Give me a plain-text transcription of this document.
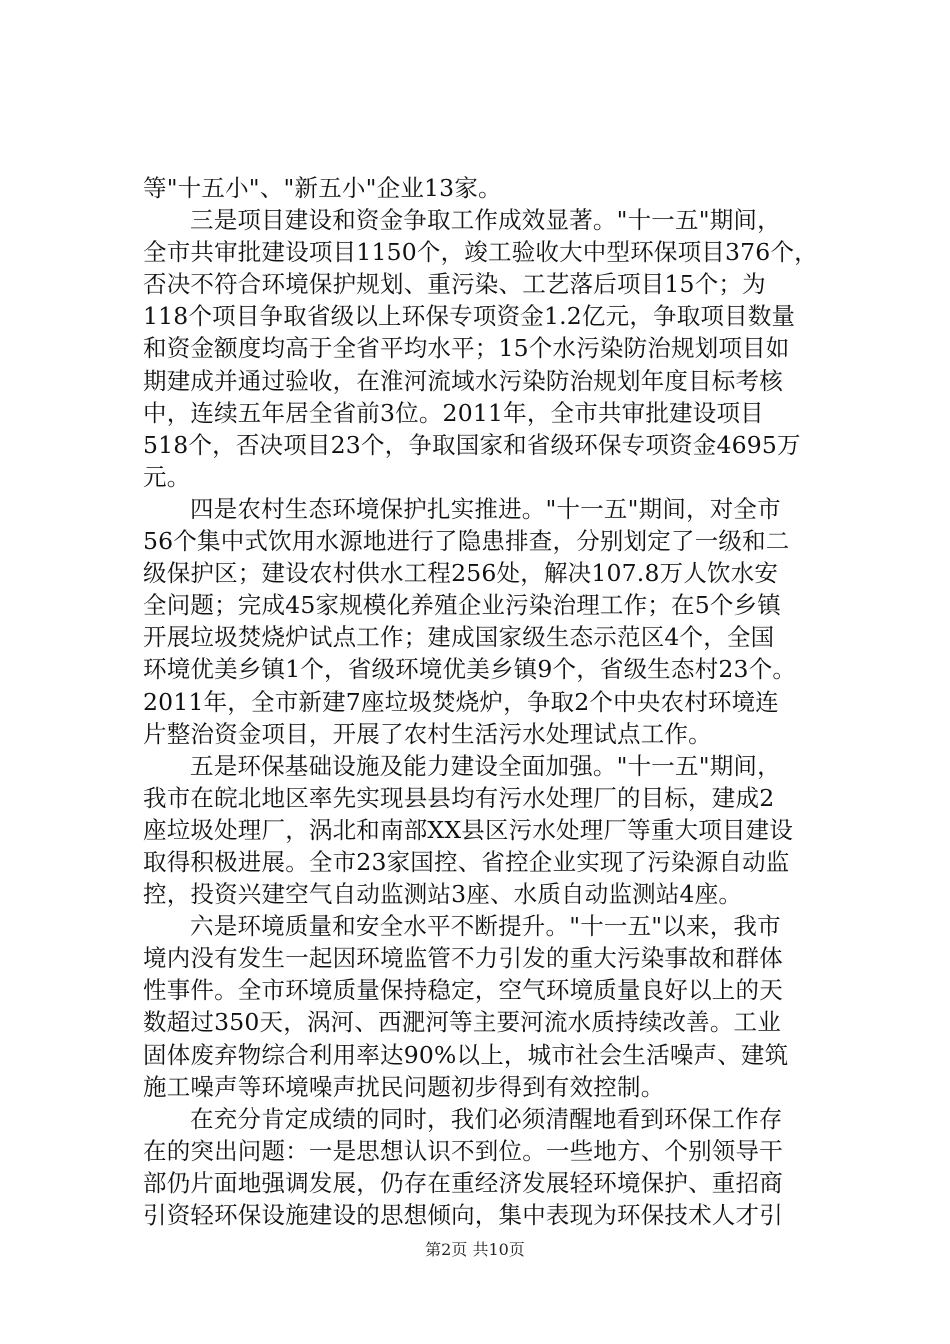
等"十五小"、"新五小"企业13家。
三是项目建设和资金争取工作成效显著。"十一五"期间，
全市共审批建设项目1150个，竣工验收大中型环保项目376个，
否决不符合环境保护规划、重污染、工艺落后项目15个；为
118个项目争取省级以上环保专项资金1.2亿元，争取项目数量
和资金额度均高于全省平均水平；15个水污染防治规划项目如
期建成并通过验收，在淮河流域水污染防治规划年度目标考核
中，连续五年居全省前3位。2011年，全市共审批建设项目
518个，否决项目23个，争取国家和省级环保专项资金4695万
元。
四是农村生态环境保护扎实推进。"十一五"期间，对全市
56个集中式饮用水源地进行了隐患排查，分别划定了一级和二
级保护区；建设农村供水工程256处，解决107.8万人饮水安
全问题；完成45家规模化养殖企业污染治理工作；在5个乡镇
开展垃圾焚烧炉试点工作；建成国家级生态示范区4个，全国
环境优美乡镇1个，省级环境优美乡镇9个，省级生态村23个。
2011年，全市新建7座垃圾焚烧炉，争取2个中央农村环境连
片整治资金项目，开展了农村生活污水处理试点工作。
五是环保基础设施及能力建设全面加强。"十一五"期间，
我市在皖北地区率先实现县县均有污水处理厂的目标，建成2
座垃圾处理厂，涡北和南部XX县区污水处理厂等重大项目建设
取得积极进展。全市23家国控、省控企业实现了污染源自动监
控，投资兴建空气自动监测站3座、水质自动监测站4座。
六是环境质量和安全水平不断提升。"十一五"以来，我市
境内没有发生一起因环境监管不力引发的重大污染事故和群体
性事件。全市环境质量保持稳定，空气环境质量良好以上的天
数超过350天，涡河、西淝河等主要河流水质持续改善。工业
固体废弃物综合利用率达90%以上，城市社会生活噪声、建筑
施工噪声等环境噪声扰民问题初步得到有效控制。
在充分肯定成绩的同时，我们必须清醒地看到环保工作存
在的突出问题：一是思想认识不到位。一些地方、个别领导干
部仍片面地强调发展，仍存在重经济发展轻环境保护、重招商
引资轻环保设施建设的思想倾向，集中表现为环保技术人才引
第2页 共10页
